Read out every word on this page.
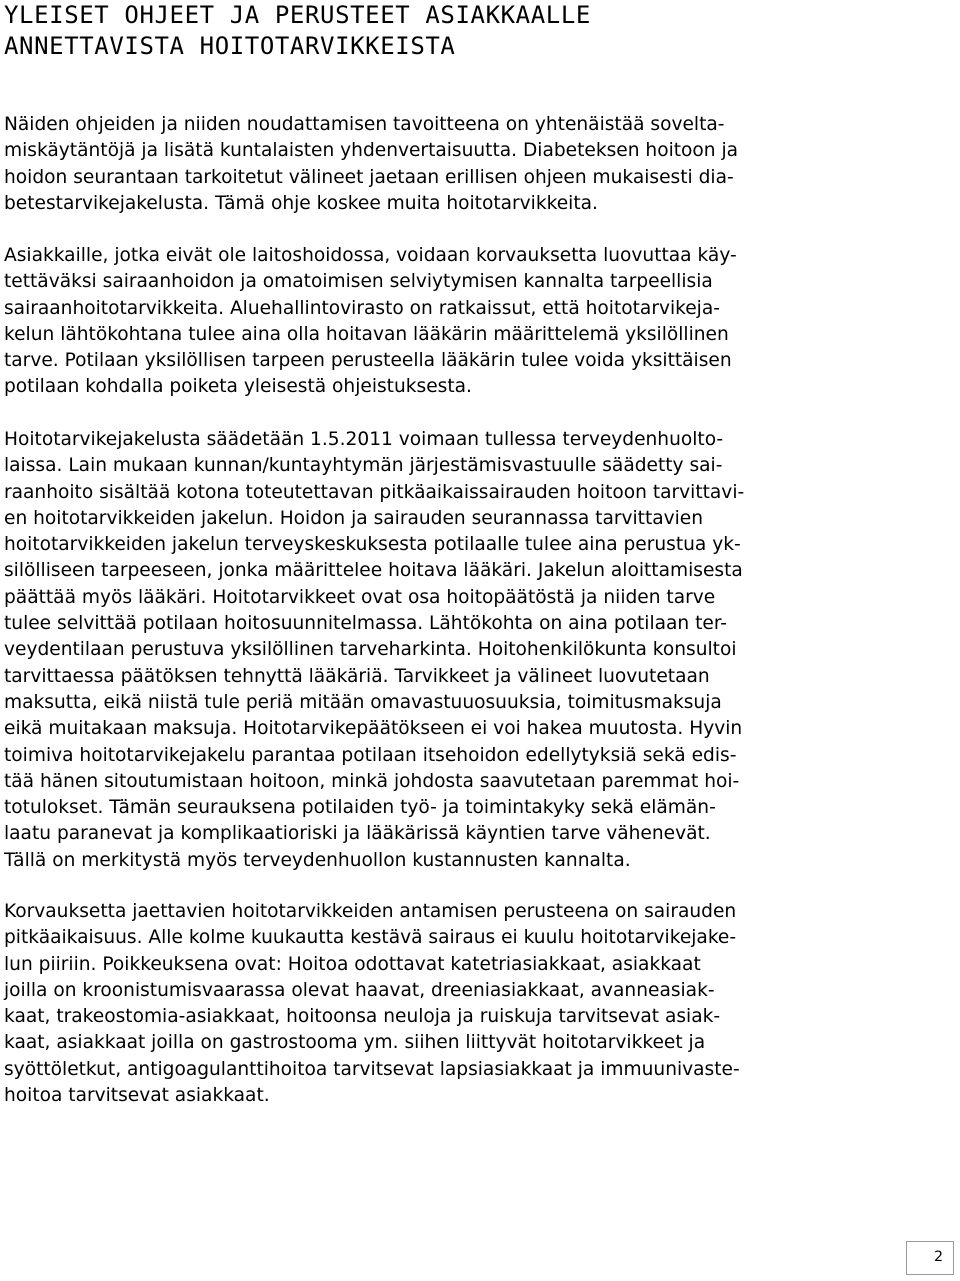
YLEISET OHJEET JA PERUSTEET ASIAKKAALLE
ANNETTAVISTA HOITOTARVIKKEISTA

Näiden ohjeiden ja niiden noudattamisen tavoitteena on yhtenäistää sovelta-
miskäytäntöjä ja lisätä kuntalaisten yhdenvertaisuutta. Diabeteksen hoitoon ja
hoidon seurantaan tarkoitetut välineet jaetaan erillisen ohjeen mukaisesti dia-
betestarvikejakelusta. Tämä ohje koskee muita hoitotarvikkeita.

Asiakkaille, jotka eivät ole laitoshoidossa, voidaan korvauksetta luovuttaa käy-
tettäväksi sairaanhoidon ja omatoimisen selviytymisen kannalta tarpeellisia
sairaanhoitotarvikkeita. Aluehallintovirasto on ratkaissut, että hoitotarvikeja-
kelun lähtökohtana tulee aina olla hoitavan lääkärin määrittelemä yksilöllinen
tarve. Potilaan yksilöllisen tarpeen perusteella lääkärin tulee voida yksittäisen
potilaan kohdalla poiketa yleisestä ohjeistuksesta.

Hoitotarvikejakelusta säädetään 1.5.2011 voimaan tullessa terveydenhuolto-
laissa. Lain mukaan kunnan/kuntayhtymän järjestämisvastuulle säädetty sai-
raanhoito sisältää kotona toteutettavan pitkäaikaissairauden hoitoon tarvittavi-
en hoitotarvikkeiden jakelun. Hoidon ja sairauden seurannassa tarvittavien
hoitotarvikkeiden jakelun terveyskeskuksesta potilaalle tulee aina perustua yk-
silölliseen tarpeeseen, jonka määrittelee hoitava lääkäri. Jakelun aloittamisesta
päättää myös lääkäri. Hoitotarvikkeet ovat osa hoitopäätöstä ja niiden tarve
tulee selvittää potilaan hoitosuunnitelmassa. Lähtökohta on aina potilaan ter-
veydentilaan perustuva yksilöllinen tarveharkinta. Hoitohenkilökunta konsultoi
tarvittaessa päätöksen tehnyttä lääkäriä. Tarvikkeet ja välineet luovutetaan
maksutta, eikä niistä tule periä mitään omavastuuosuuksia, toimitusmaksuja
eikä muitakaan maksuja. Hoitotarvikepäätökseen ei voi hakea muutosta. Hyvin
toimiva hoitotarvikejakelu parantaa potilaan itsehoidon edellytyksiä sekä edis-
tää hänen sitoutumistaan hoitoon, minkä johdosta saavutetaan paremmat hoi-
totulokset. Tämän seurauksena potilaiden työ- ja toimintakyky sekä elämän-
laatu paranevat ja komplikaatioriski ja lääkärissä käyntien tarve vähenevät.
Tällä on merkitystä myös terveydenhuollon kustannusten kannalta.

Korvauksetta jaettavien hoitotarvikkeiden antamisen perusteena on sairauden
pitkäaikaisuus. Alle kolme kuukautta kestävä sairaus ei kuulu hoitotarvikejake-
lun piiriin. Poikkeuksena ovat: Hoitoa odottavat katetriasiakkaat, asiakkaat
joilla on kroonistumisvaarassa olevat haavat, dreeniasiakkaat, avanneasiak-
kaat, trakeostomia-asiakkaat, hoitoonsa neuloja ja ruiskuja tarvitsevat asiak-
kaat, asiakkaat joilla on gastrostooma ym. siihen liittyvät hoitotarvikkeet ja
syöttöletkut, antigoagulanttihoitoa tarvitsevat lapsiasiakkaat ja immuunivaste-
hoitoa tarvitsevat asiakkaat.

2
